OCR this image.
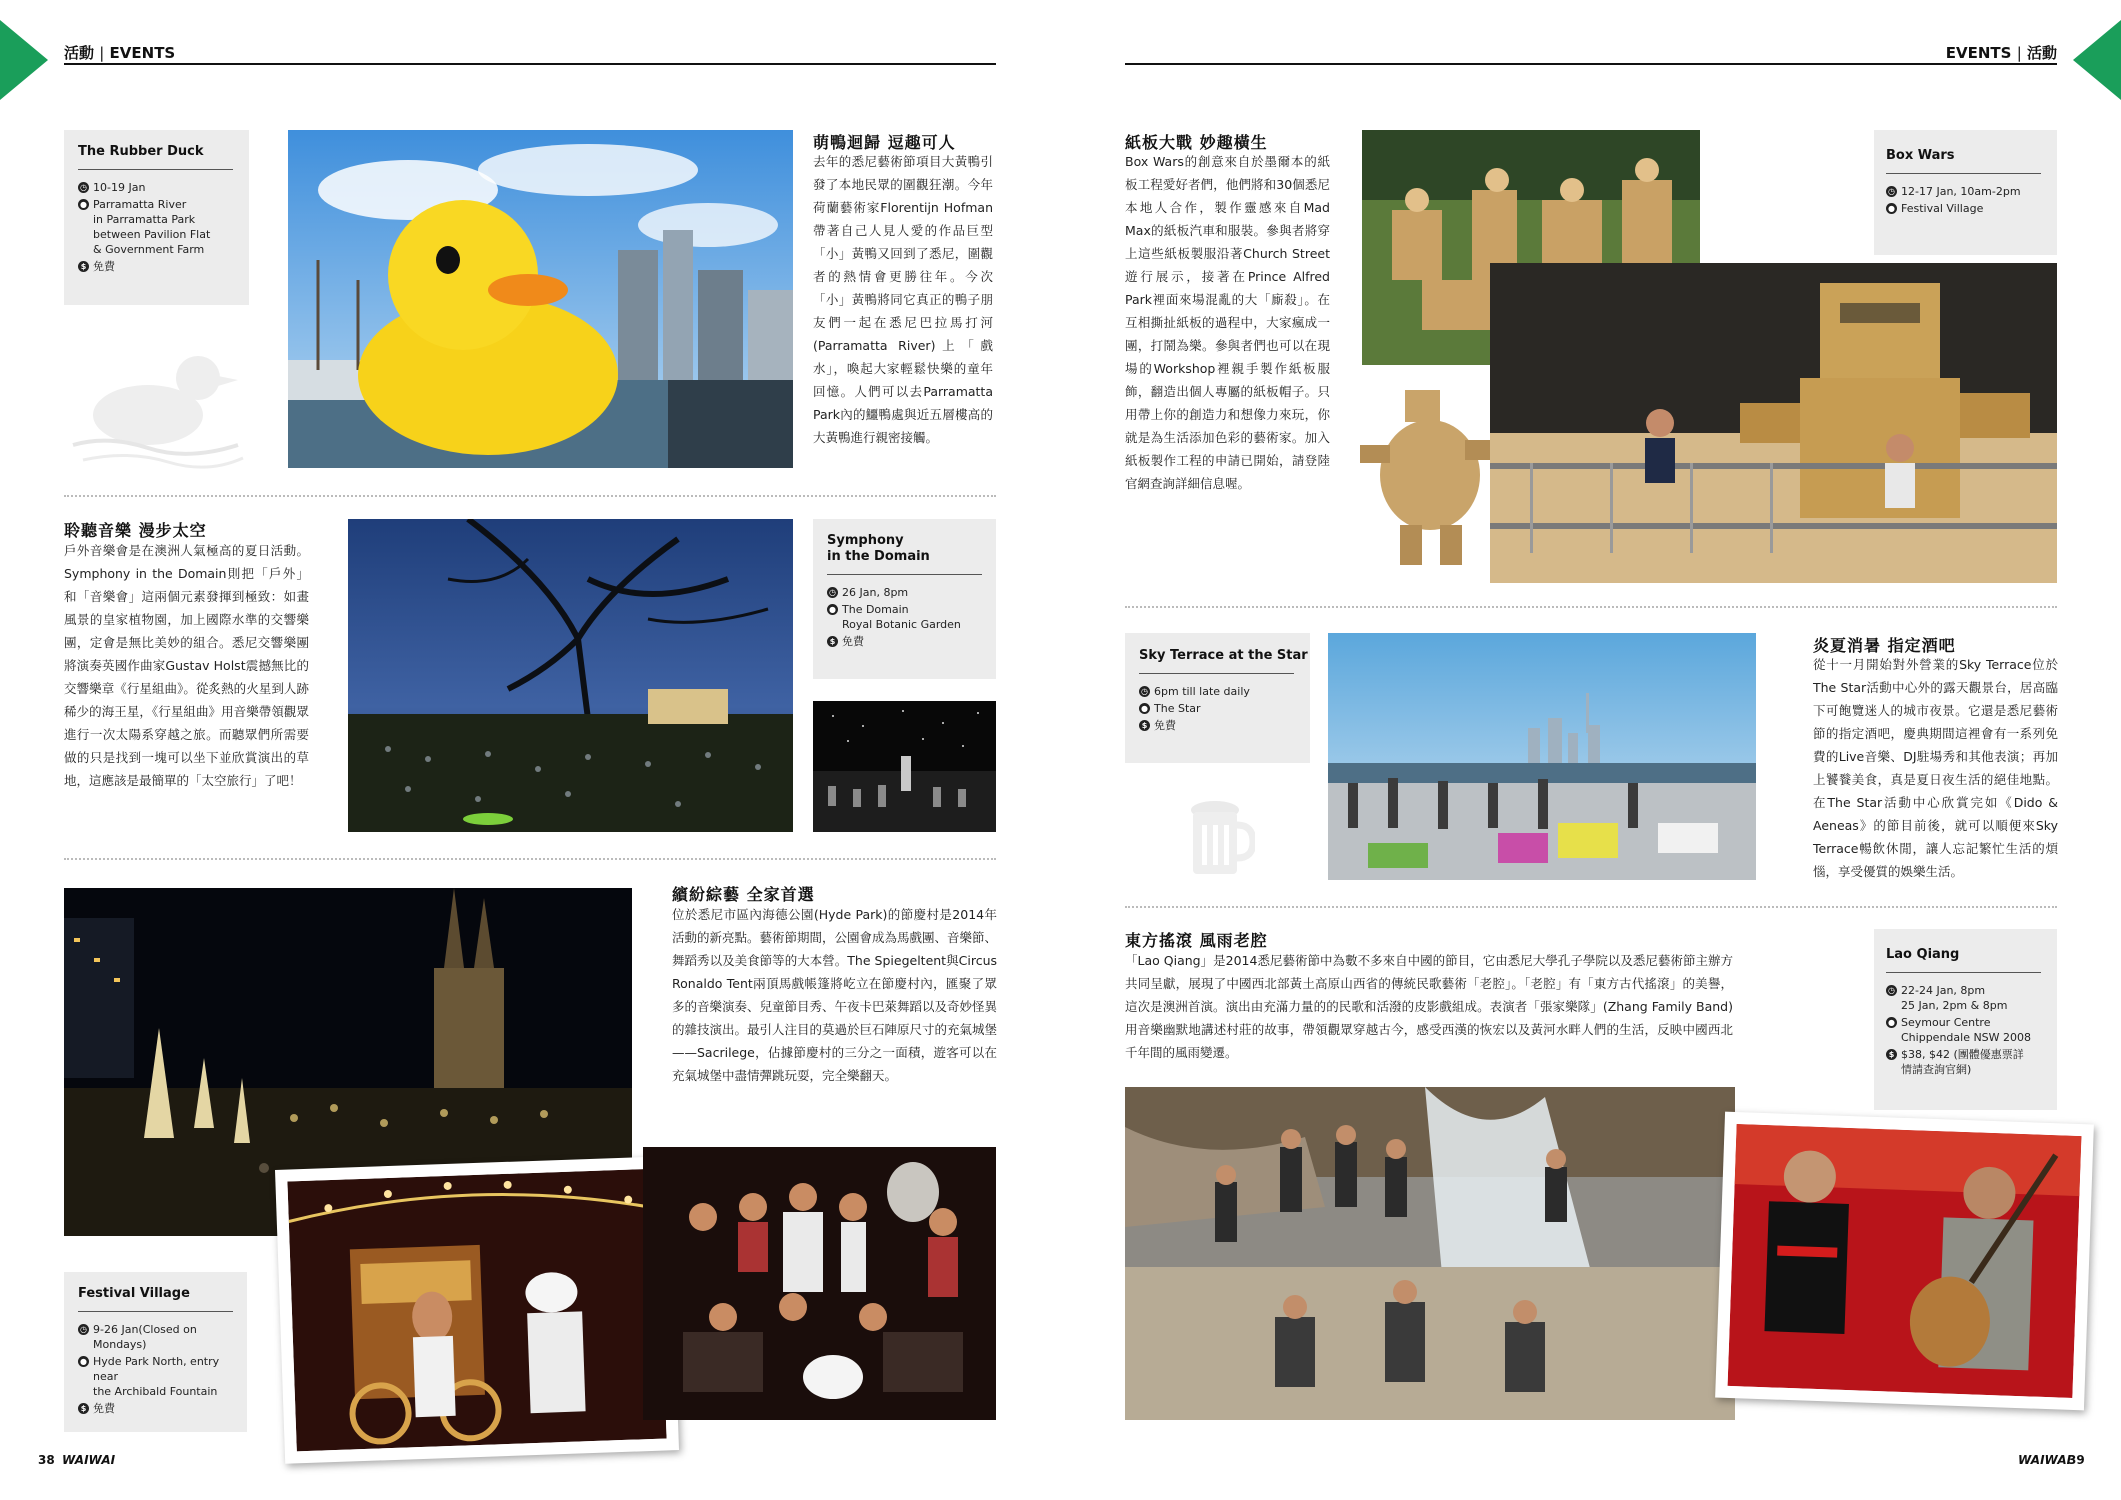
活動 | EVENTS	EVENTS | 活動
The Rubber Duck
◷ 10-19 Jan
● Parramatta River
in Parramatta Park
between Pavilion Flat
& Government Farm
$ 免費
萌鴨迴歸 逗趣可人
去年的悉尼藝術節項目大黃鴨引發了本地民眾的圍觀狂潮。今年荷蘭藝術家Florentijn Hofman帶著自己人見人愛的作品巨型「小」黃鴨又回到了悉尼，圍觀者的熱情會更勝往年。今次「小」黃鴨將同它真正的鴨子朋友們一起在悉尼巴拉馬打河(Parramatta River)上「戲水」，喚起大家輕鬆快樂的童年回憶。人們可以去Parramatta Park內的鱷鴨處與近五層樓高的大黃鴨進行親密接觸。
聆聽音樂 漫步太空
戶外音樂會是在澳洲人氣極高的夏日活動。Symphony in the Domain則把「戶外」和「音樂會」這兩個元素發揮到極致：如畫風景的皇家植物園，加上國際水準的交響樂團，定會是無比美妙的組合。悉尼交響樂團將演奏英國作曲家Gustav Holst震撼無比的交響樂章《行星組曲》。從炙熱的火星到人跡稀少的海王星，《行星組曲》用音樂帶領觀眾進行一次太陽系穿越之旅。而聽眾們所需要做的只是找到一塊可以坐下並欣賞演出的草地，這應該是最簡單的「太空旅行」了吧！
Symphony
in the Domain
◷ 26 Jan, 8pm
● The Domain
Royal Botanic Garden
$ 免費
繽紛綜藝 全家首選
位於悉尼市區內海德公園(Hyde Park)的節慶村是2014年活動的新亮點。藝術節期間，公園會成為馬戲團、音樂節、舞蹈秀以及美食節等的大本營。The Spiegeltent與Circus Ronaldo Tent兩頂馬戲帳篷將屹立在節慶村內，匯聚了眾多的音樂演奏、兒童節目秀、午夜卡巴萊舞蹈以及奇妙怪異的雜技演出。最引人注目的莫過於巨石陣原尺寸的充氣城堡——Sacrilege，佔據節慶村的三分之一面積，遊客可以在充氣城堡中盡情彈跳玩耍，完全樂翻天。
Festival Village
◷ 9-26 Jan(Closed on Mondays)
● Hyde Park North, entry near
the Archibald Fountain
$ 免費
38 WAIWAI
紙板大戰 妙趣橫生
Box Wars的創意來自於墨爾本的紙板工程愛好者們，他們將和30個悉尼本地人合作，製作靈感來自Mad Max的紙板汽車和服裝。參與者將穿上這些紙板製服沿著Church Street遊行展示，接著在Prince Alfred Park裡面來場混亂的大「廝殺」。在互相撕扯紙板的過程中，大家瘋成一團，打鬧為樂。參與者們也可以在現場的Workshop裡親手製作紙板服飾，翻造出個人專屬的紙板帽子。只用帶上你的創造力和想像力來玩，你就是為生活添加色彩的藝術家。加入紙板製作工程的申請已開始，請登陸官網查詢詳細信息喔。
Box Wars
◷ 12-17 Jan, 10am-2pm
● Festival Village
Sky Terrace at the Star
◷ 6pm till late daily
● The Star
$ 免費
炎夏消暑 指定酒吧
從十一月開始對外營業的Sky Terrace位於The Star活動中心外的露天觀景台，居高臨下可飽覽迷人的城市夜景。它還是悉尼藝術節的指定酒吧，慶典期間這裡會有一系列免費的Live音樂、DJ駐場秀和其他表演；再加上饕餮美食，真是夏日夜生活的絕佳地點。在The Star活動中心欣賞完如《Dido & Aeneas》的節目前後，就可以順便來Sky Terrace暢飲休閒，讓人忘記繁忙生活的煩惱，享受優質的娛樂生活。
東方搖滾 風雨老腔
「Lao Qiang」是2014悉尼藝術節中為數不多來自中國的節目，它由悉尼大學孔子學院以及悉尼藝術節主辦方共同呈獻，展現了中國西北部黃土高原山西省的傳統民歌藝術「老腔」。「老腔」有「東方古代搖滾」的美譽，這次是澳洲首演。演出由充滿力量的的民歌和活潑的皮影戲組成。表演者「張家樂隊」(Zhang Family Band)用音樂幽默地講述村莊的故事，帶領觀眾穿越古今，感受西漢的恢宏以及黃河水畔人們的生活，反映中國西北千年間的風雨變遷。
Lao Qiang
◷ 22-24 Jan, 8pm
25 Jan, 2pm & 8pm
● Seymour Centre
Chippendale NSW 2008
$ $38, $42 (團體優惠票詳
情請查詢官網)
WAIWAI
39
